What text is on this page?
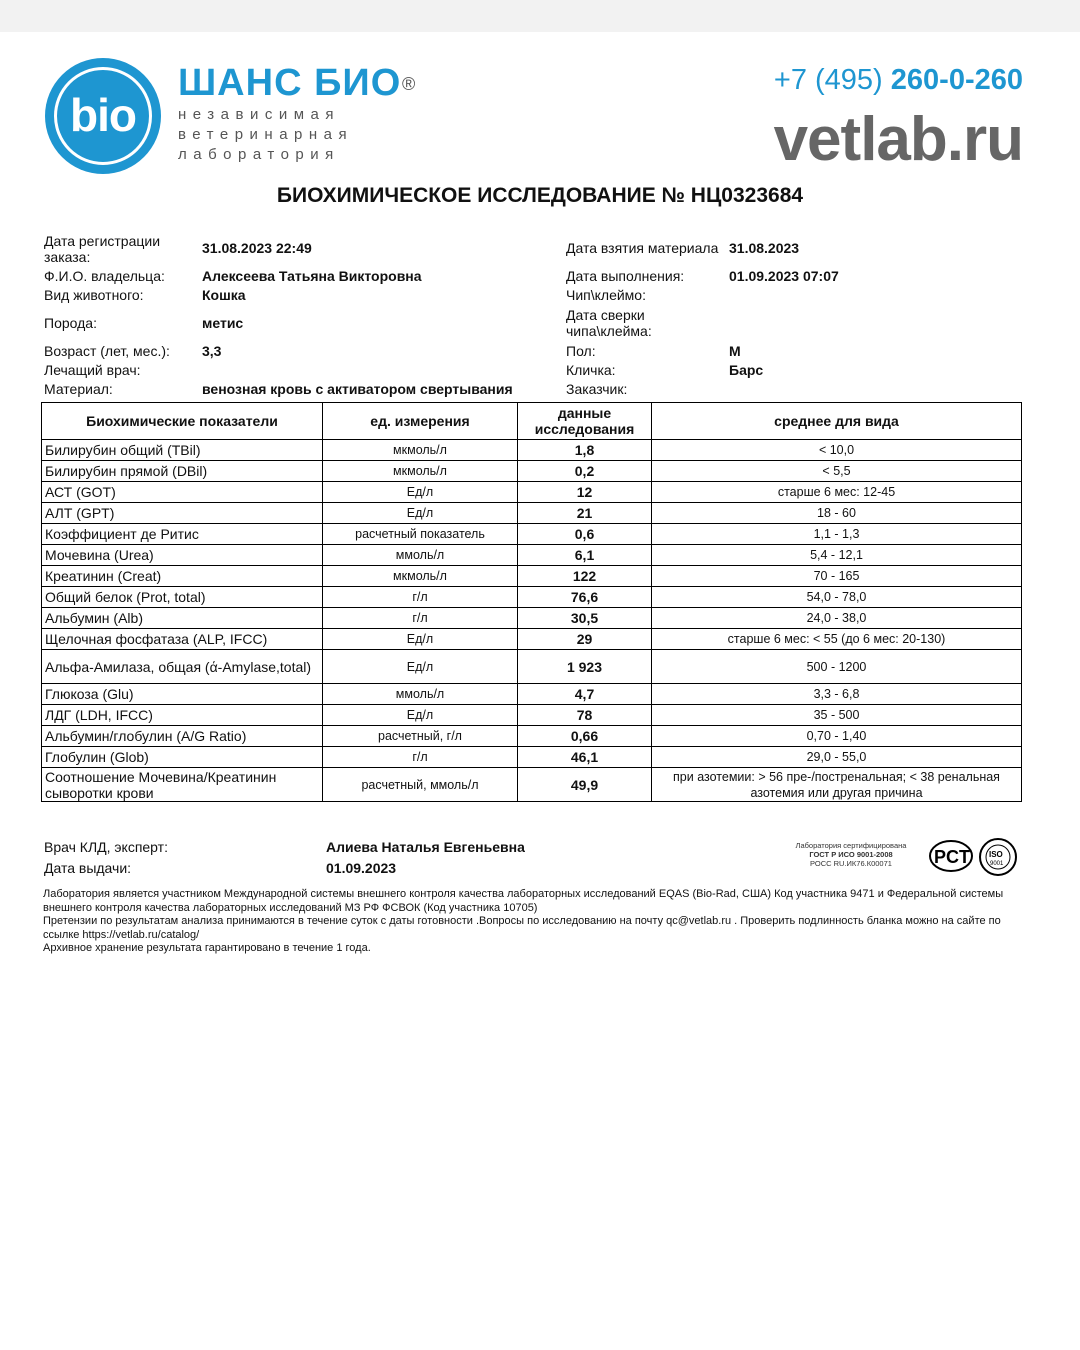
bio
ШАНС БИО ®
независимая
ветеринарная
лаборатория
+7 (495) 260-0-260
vetlab.ru
БИОХИМИЧЕСКОЕ ИССЛЕДОВАНИЕ № НЦ0323684
Дата регистрации заказа:
31.08.2023 22:49
Ф.И.О. владельца:	Алексеева Татьяна Викторовна
Вид животного:	Кошка
Порода:	метис
Возраст (лет, мес.): 3,3
Лечащий врач:
Материал:	венозная кровь с активатором свертывания
Дата взятия материала 31.08.2023
Дата выполнения:	01.09.2023 07:07
Чип\клеймо:
Дата сверки чипа\клейма:
Пол:	М
Кличка:	Барс
Заказчик:
Биохимические показатели	ед. измерения	данные исследования	среднее для вида
Билирубин общий (TBil)	мкмоль/л	1,8	< 10,0
Билирубин прямой (DBil)	мкмоль/л	0,2	< 5,5
АСТ (GOT)	Ед/л	12	старше 6 мес: 12-45
АЛТ (GPT)	Ед/л	21	18 - 60
Коэффициент де Ритис	расчетный показатель	0,6	1,1 - 1,3
Мочевина (Urea)	ммоль/л	6,1	5,4 - 12,1
Креатинин (Creat)	мкмоль/л	122	70 - 165
Общий белок (Prot, total)	г/л	76,6	54,0 - 78,0
Альбумин (Alb)	г/л	30,5	24,0 - 38,0
Щелочная фосфатаза (ALP, IFCC)	Ед/л	29	старше 6 мес: < 55 (до 6 мес: 20-130)
Альфа-Амилаза, общая (ά-Amylase,total)	Ед/л	1 923	500 - 1200
Глюкоза (Glu)	ммоль/л	4,7	3,3 - 6,8
ЛДГ (LDH, IFCC)	Ед/л	78	35 - 500
Альбумин/глобулин (A/G Ratio)	расчетный, г/л	0,66	0,70 - 1,40
Глобулин (Glob)	г/л	46,1	29,0 - 55,0
Соотношение Мочевина/Креатинин сыворотки крови	расчетный, ммоль/л	49,9	при азотемии: > 56 пре-/постренальная; < 38 ренальная азотемия или другая причина
Врач КЛД, эксперт:	Алиева Наталья Евгеньевна
Дата выдачи:	01.09.2023
Лаборатория сертифицирована
ГОСТ Р ИСО 9001-2008
РОСС RU.ИК76.К00071	PCT ISO
9001
Лаборатория является участником Международной системы внешнего контроля качества лабораторных исследований EQAS (Bio-Rad, США) Код участника 9471 и Федеральной системы внешнего контроля качества лабораторных исследований МЗ РФ ФСВОК (Код участника 10705)
Претензии по результатам анализа принимаются в течение суток с даты готовности .Вопросы по исследованию на почту qc@vetlab.ru . Проверить подлинность бланка можно на сайте по ссылке https://vetlab.ru/catalog/
Архивное хранение результата гарантировано в течение 1 года.
